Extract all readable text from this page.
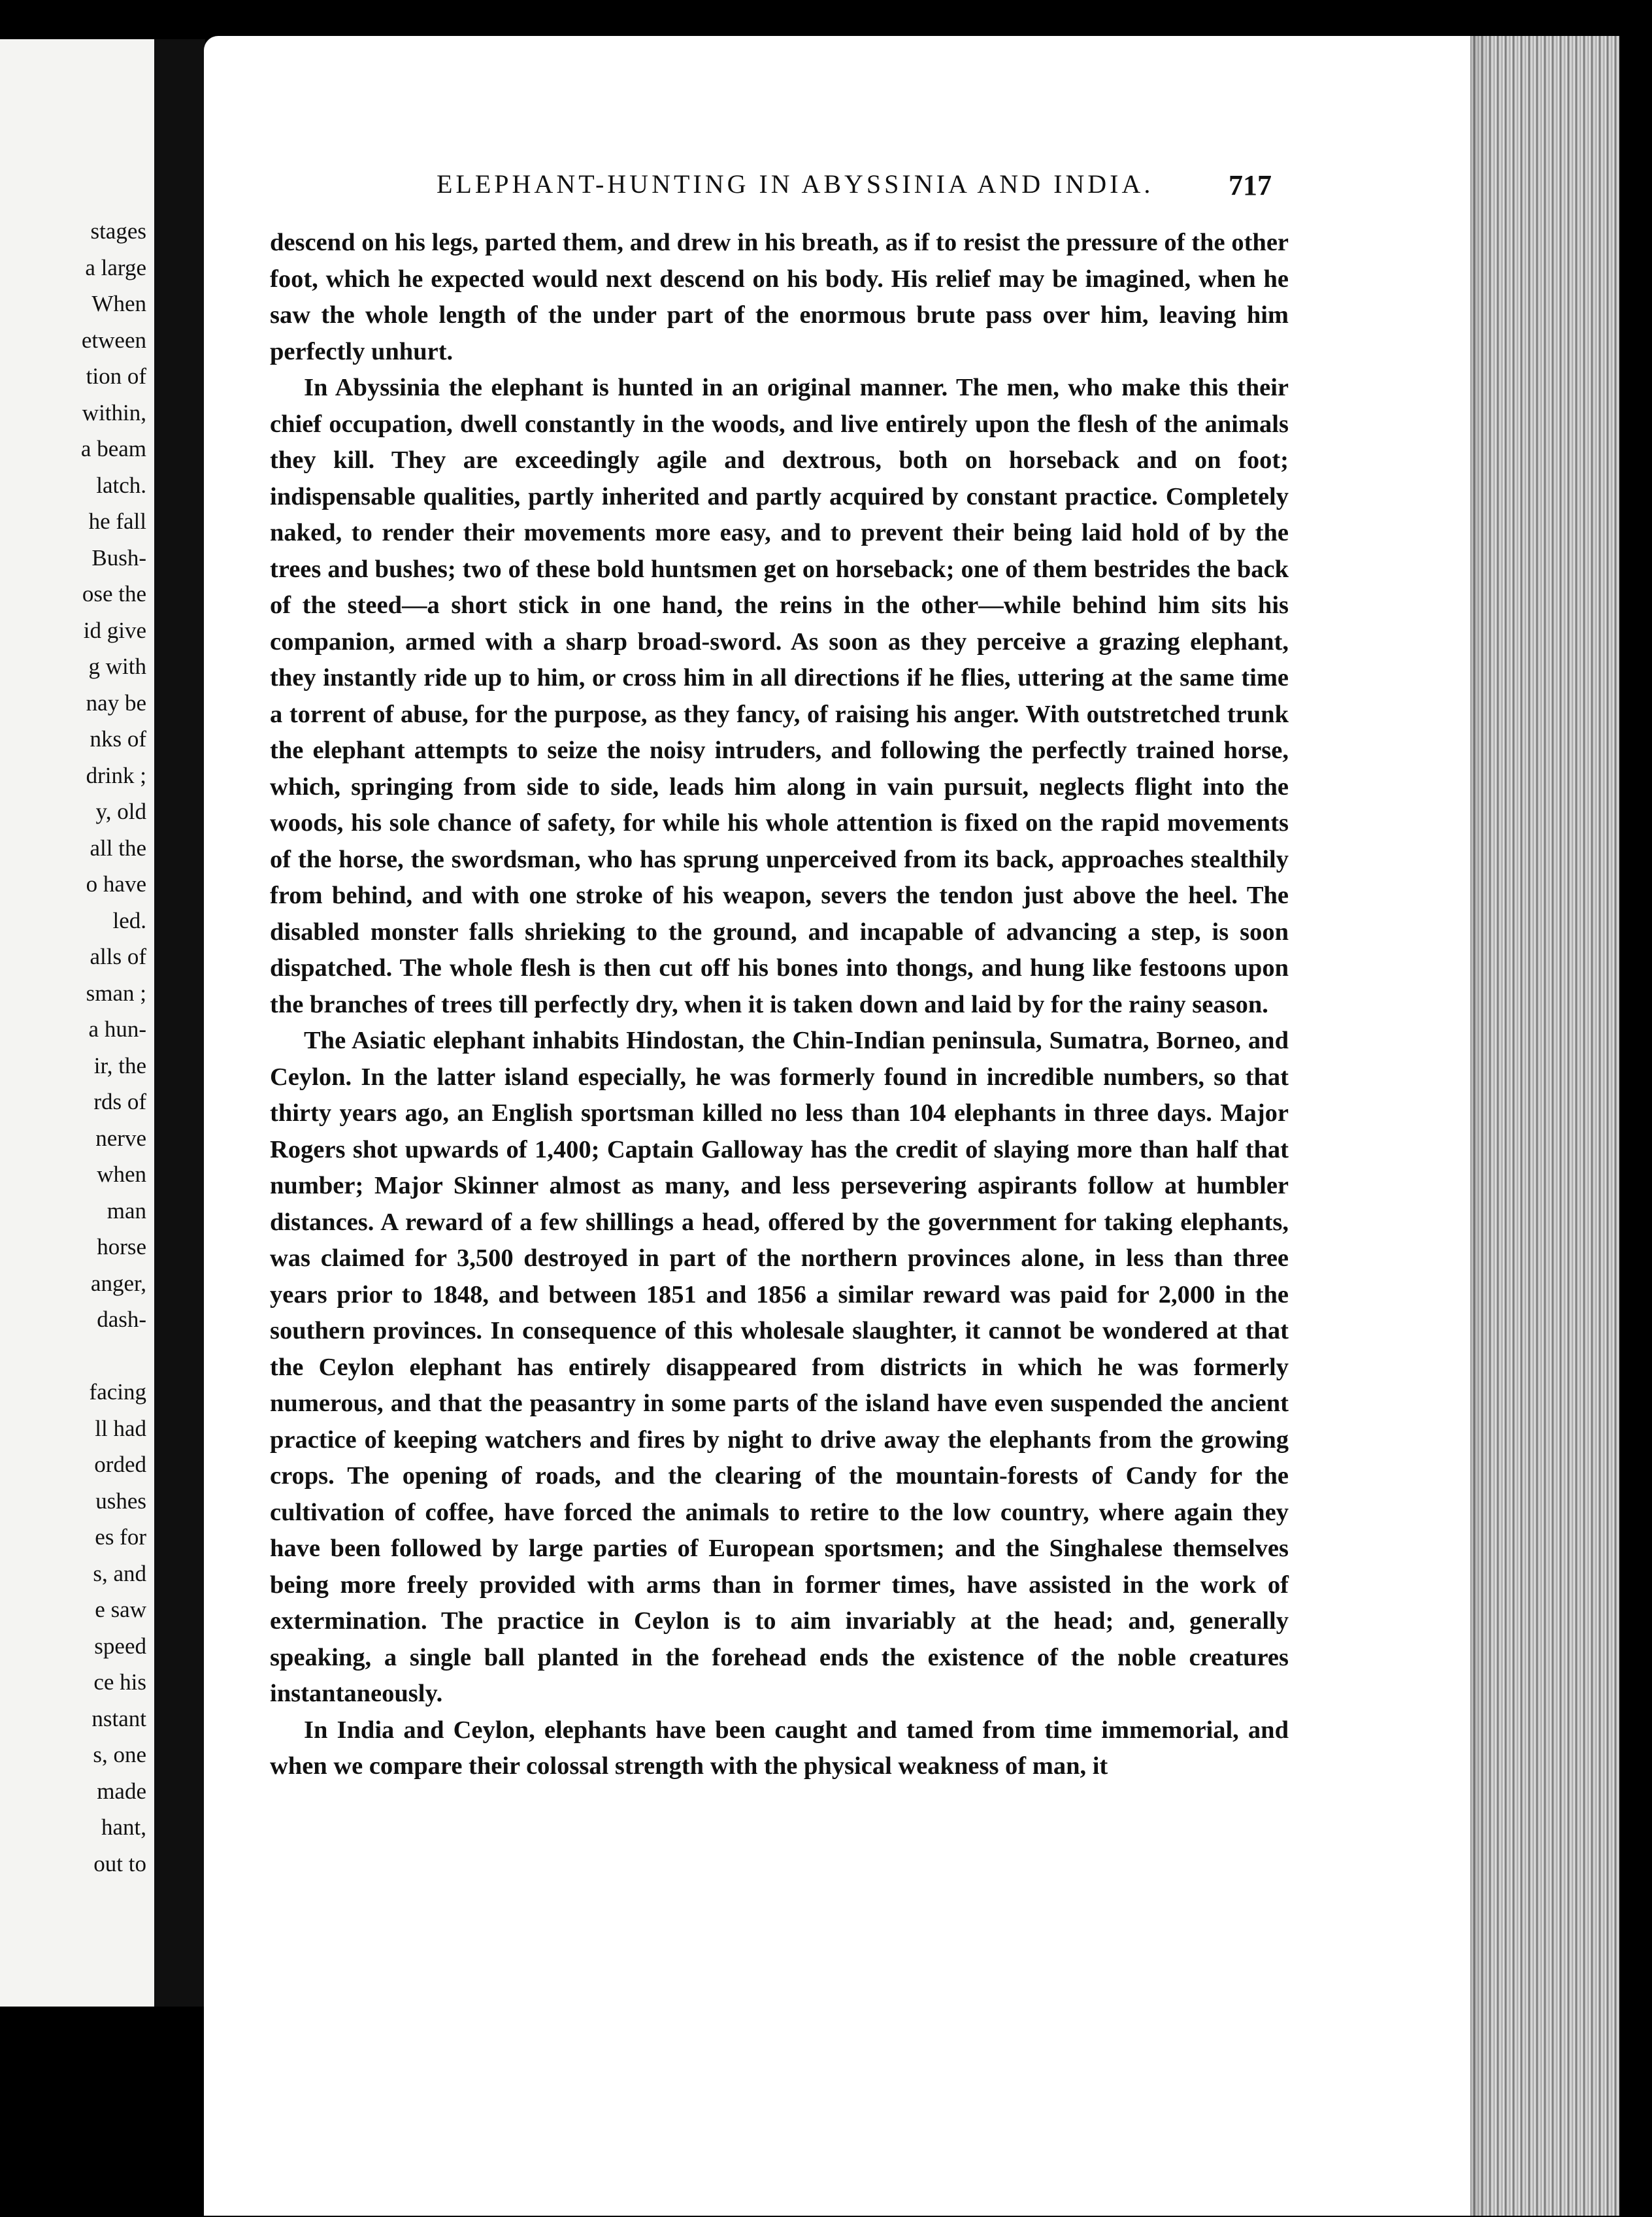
stages
a large
When
etween
tion of
within,
a beam
latch.
he fall
Bush-
ose the
id give
g with
nay be
nks of
drink ;
y, old
all the
o have
led.
alls of
sman ;
a hun-
ir, the
rds of
nerve
when
man
horse
anger,
dash-
facing
ll had
orded
ushes
es for
s, and
e saw
speed
ce his
nstant
s, one
made
hant,
out to
ELEPHANT-HUNTING IN ABYSSINIA AND INDIA.	717

descend on his legs, parted them, and drew in his breath, as if to resist the pressure of the other foot, which he expected would next descend on his body. His relief may be imagined, when he saw the whole length of the under part of the enormous brute pass over him, leaving him perfectly unhurt.

In Abyssinia the elephant is hunted in an original manner. The men, who make this their chief occupation, dwell constantly in the woods, and live entirely upon the flesh of the animals they kill. They are exceedingly agile and dextrous, both on horseback and on foot; indispensable qualities, partly inherited and partly acquired by constant practice. Completely naked, to render their movements more easy, and to prevent their being laid hold of by the trees and bushes; two of these bold huntsmen get on horseback; one of them bestrides the back of the steed—a short stick in one hand, the reins in the other—while behind him sits his companion, armed with a sharp broad-sword. As soon as they perceive a grazing elephant, they instantly ride up to him, or cross him in all directions if he flies, uttering at the same time a torrent of abuse, for the purpose, as they fancy, of raising his anger. With outstretched trunk the elephant attempts to seize the noisy intruders, and following the perfectly trained horse, which, springing from side to side, leads him along in vain pursuit, neglects flight into the woods, his sole chance of safety, for while his whole attention is fixed on the rapid movements of the horse, the swordsman, who has sprung unperceived from its back, approaches stealthily from behind, and with one stroke of his weapon, severs the tendon just above the heel. The disabled monster falls shrieking to the ground, and incapable of advancing a step, is soon dispatched. The whole flesh is then cut off his bones into thongs, and hung like festoons upon the branches of trees till perfectly dry, when it is taken down and laid by for the rainy season.

The Asiatic elephant inhabits Hindostan, the Chin-Indian peninsula, Sumatra, Borneo, and Ceylon. In the latter island especially, he was formerly found in incredible numbers, so that thirty years ago, an English sportsman killed no less than 104 elephants in three days. Major Rogers shot upwards of 1,400; Captain Galloway has the credit of slaying more than half that number; Major Skinner almost as many, and less persevering aspirants follow at humbler distances. A reward of a few shillings a head, offered by the government for taking elephants, was claimed for 3,500 destroyed in part of the northern provinces alone, in less than three years prior to 1848, and between 1851 and 1856 a similar reward was paid for 2,000 in the southern provinces. In consequence of this wholesale slaughter, it cannot be wondered at that the Ceylon elephant has entirely disappeared from districts in which he was formerly numerous, and that the peasantry in some parts of the island have even suspended the ancient practice of keeping watchers and fires by night to drive away the elephants from the growing crops. The opening of roads, and the clearing of the mountain-forests of Candy for the cultivation of coffee, have forced the animals to retire to the low country, where again they have been followed by large parties of European sportsmen; and the Singhalese themselves being more freely provided with arms than in former times, have assisted in the work of extermination. The practice in Ceylon is to aim invariably at the head; and, generally speaking, a single ball planted in the forehead ends the existence of the noble creatures instantaneously.

In India and Ceylon, elephants have been caught and tamed from time immemorial, and when we compare their colossal strength with the physical weakness of man, it
